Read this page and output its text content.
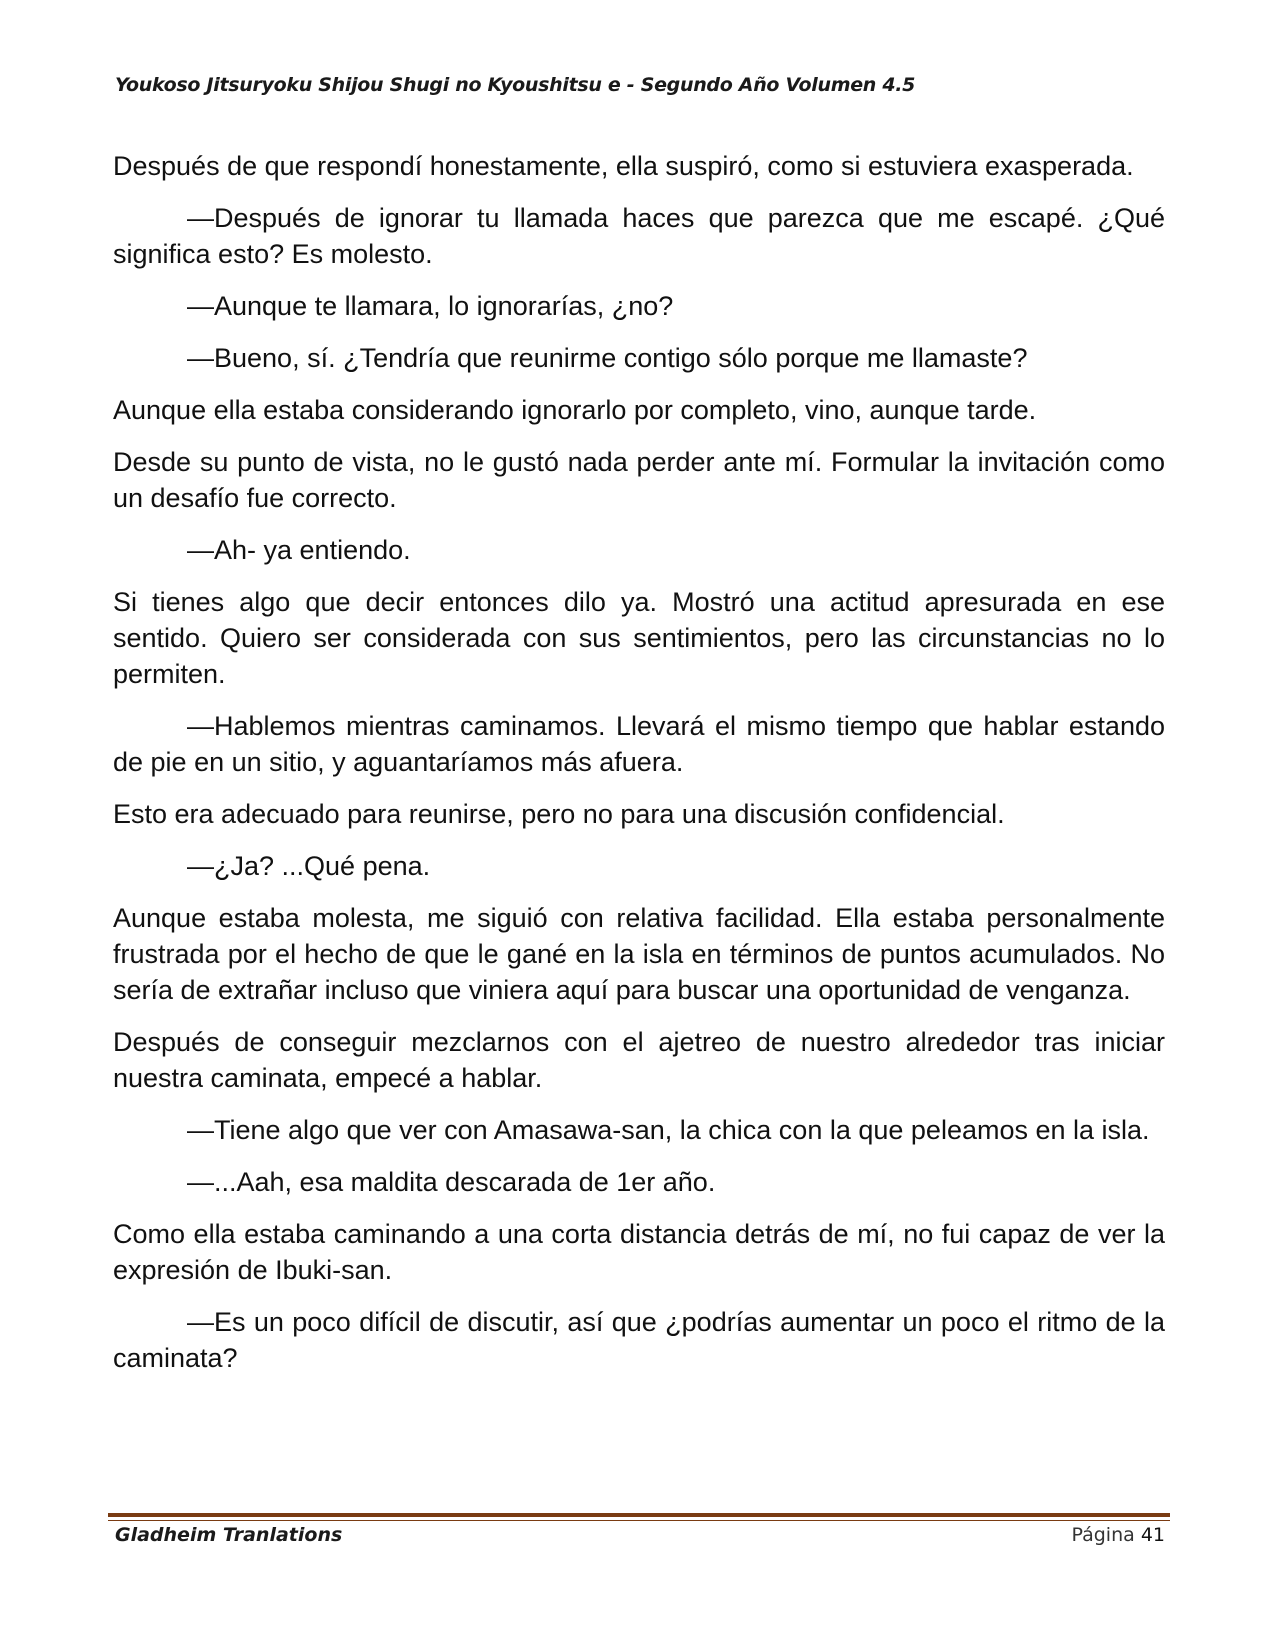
Youkoso Jitsuryoku Shijou Shugi no Kyoushitsu e - Segundo Año Volumen 4.5

Después de que respondí honestamente, ella suspiró, como si estuviera exasperada.

—Después de ignorar tu llamada haces que parezca que me escapé. ¿Qué significa esto? Es molesto.

—Aunque te llamara, lo ignorarías, ¿no?

—Bueno, sí. ¿Tendría que reunirme contigo sólo porque me llamaste?

Aunque ella estaba considerando ignorarlo por completo, vino, aunque tarde.

Desde su punto de vista, no le gustó nada perder ante mí. Formular la invitación como un desafío fue correcto.

—Ah- ya entiendo.

Si tienes algo que decir entonces dilo ya. Mostró una actitud apresurada en ese sentido. Quiero ser considerada con sus sentimientos, pero las circunstancias no lo permiten.

—Hablemos mientras caminamos. Llevará el mismo tiempo que hablar estando de pie en un sitio, y aguantaríamos más afuera.

Esto era adecuado para reunirse, pero no para una discusión confidencial.

—¿Ja? ...Qué pena.

Aunque estaba molesta, me siguió con relativa facilidad. Ella estaba personalmente frustrada por el hecho de que le gané en la isla en términos de puntos acumulados. No sería de extrañar incluso que viniera aquí para buscar una oportunidad de venganza.

Después de conseguir mezclarnos con el ajetreo de nuestro alrededor tras iniciar nuestra caminata, empecé a hablar.

—Tiene algo que ver con Amasawa-san, la chica con la que peleamos en la isla.

—...Aah, esa maldita descarada de 1er año.

Como ella estaba caminando a una corta distancia detrás de mí, no fui capaz de ver la expresión de Ibuki-san.

—Es un poco difícil de discutir, así que ¿podrías aumentar un poco el ritmo de la caminata?

Gladheim Tranlations	Página 41
